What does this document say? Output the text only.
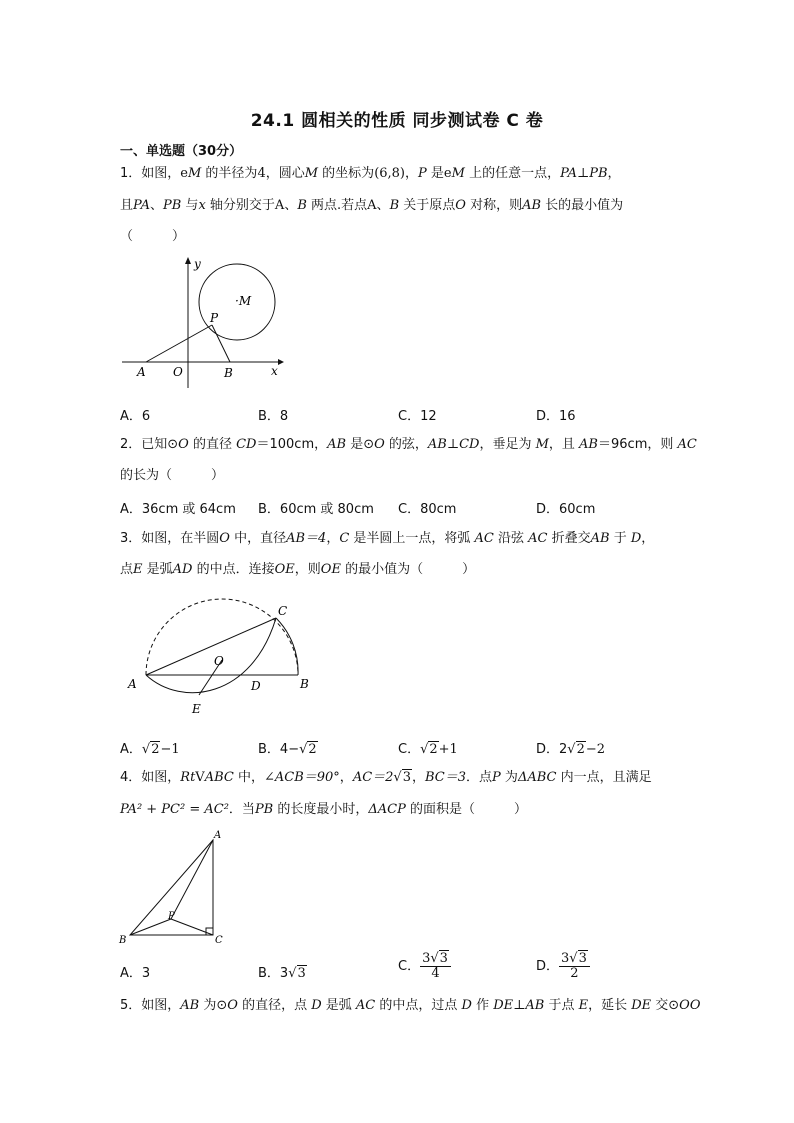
24.1 圆相关的性质 同步测试卷 C 卷
一、单选题（30分）
1．如图，eM 的半径为4，圆心M 的坐标为(6,8)，P 是eM 上的任意一点，PA⊥PB，
且PA、PB 与x 轴分别交于A、B 两点.若点A、B 关于原点O 对称，则AB 长的最小值为
（　　　）
y
·M
P
A O	B	x
A．6	B．8	C．12	D．16
2．已知⊙O 的直径 CD＝100cm，AB 是⊙O 的弦，AB⊥CD，垂足为 M，且 AB＝96cm，则 AC
的长为（　　　）
A．36cm 或 64cm B．60cm 或 80cm C．80cm	D．60cm
3．如图，在半圆O 中，直径AB＝4，C 是半圆上一点，将弧 AC 沿弦 AC 折叠交AB 于 D，
点E 是弧AD 的中点．连接OE，则OE 的最小值为（　　　）
C
O
A	D	B
E
A．√2−1	B．4−√2	C．√2+1	D．2√2−2
4．如图，RtVABC 中，∠ACB＝90°，AC＝2√3，BC＝3．点P 为ΔABC 内一点，且满足
PA² + PC² = AC²．当PB 的长度最小时，ΔACP 的面积是（　　　）
A
P
B	C
A．3	B．3√3	C． $\frac{3√3}{4}$	D． $\frac{3√3}{2}$
5．如图，AB 为⊙O 的直径，点 D 是弧 AC 的中点，过点 D 作 DE⊥AB 于点 E，延长 DE 交⊙OO
